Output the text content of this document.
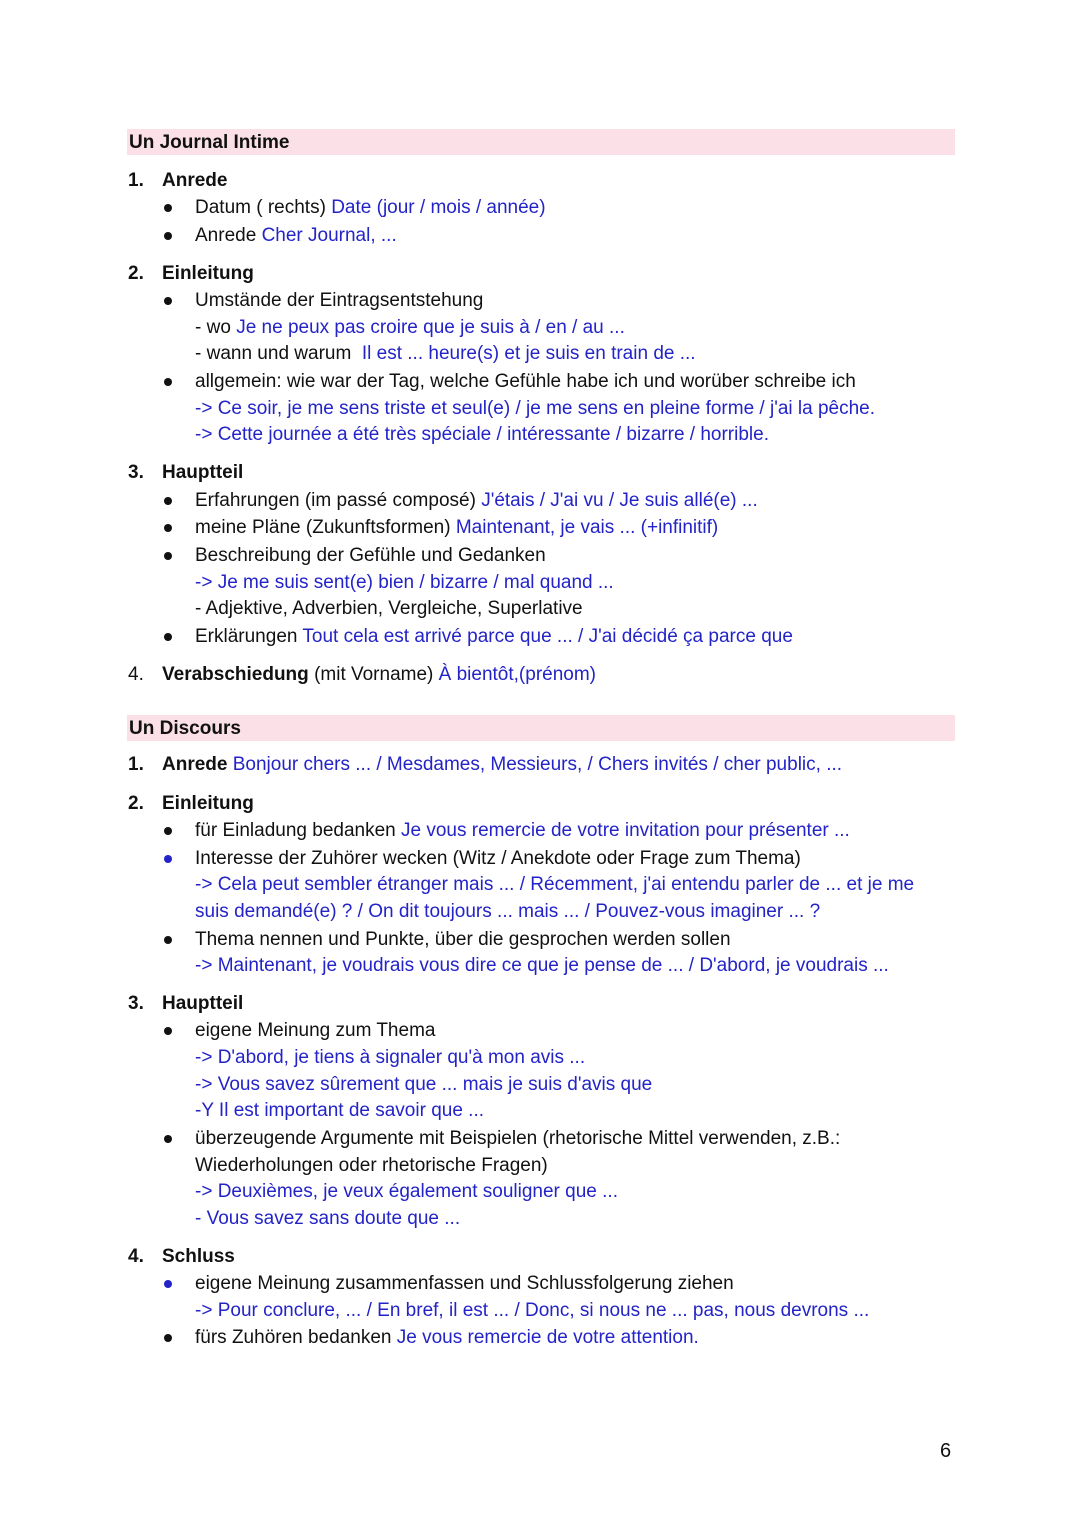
Un Journal Intime
1. Anrede
Datum ( rechts) Date (jour / mois / année)
Anrede Cher Journal, ...
2. Einleitung
Umstände der Eintragsentstehung
- wo Je ne peux pas croire que je suis à / en / au ...
- wann und warum Il est ... heure(s) et je suis en train de ...
allgemein: wie war der Tag, welche Gefühle habe ich und worüber schreibe ich
-> Ce soir, je me sens triste et seul(e) / je me sens en pleine forme / j'ai la pêche.
-> Cette journée a été très spéciale / intéressante / bizarre / horrible.
3. Hauptteil
Erfahrungen (im passé composé) J'étais / J'ai vu / Je suis allé(e) ...
meine Pläne (Zukunftsformen) Maintenant, je vais ... (+infinitif)
Beschreibung der Gefühle und Gedanken
-> Je me suis sent(e) bien / bizarre / mal quand ...
- Adjektive, Adverbien, Vergleiche, Superlative
Erklärungen Tout cela est arrivé parce que ... / J'ai décidé ça parce que
4. Verabschiedung (mit Vorname) À bientôt,(prénom)
Un Discours
1. Anrede Bonjour chers ... / Mesdames, Messieurs, / Chers invités / cher public, ...
2. Einleitung
für Einladung bedanken Je vous remercie de votre invitation pour présenter ...
Interesse der Zuhörer wecken (Witz / Anekdote oder Frage zum Thema)
-> Cela peut sembler étranger mais ... / Récemment, j'ai entendu parler de ... et je me
suis demandé(e) ? / On dit toujours ... mais ... / Pouvez-vous imaginer ... ?
Thema nennen und Punkte, über die gesprochen werden sollen
-> Maintenant, je voudrais vous dire ce que je pense de ... / D'abord, je voudrais ...
3. Hauptteil
eigene Meinung zum Thema
-> D'abord, je tiens à signaler qu'à mon avis ...
-> Vous savez sûrement que ... mais je suis d'avis que
-Y Il est important de savoir que ...
überzeugende Argumente mit Beispielen (rhetorische Mittel verwenden, z.B.:
Wiederholungen oder rhetorische Fragen)
-> Deuxièmes, je veux également souligner que ...
- Vous savez sans doute que ...
4. Schluss
eigene Meinung zusammenfassen und Schlussfolgerung ziehen
-> Pour conclure, ... / En bref, il est ... / Donc, si nous ne ... pas, nous devrons ...
fürs Zuhören bedanken Je vous remercie de votre attention.
6
